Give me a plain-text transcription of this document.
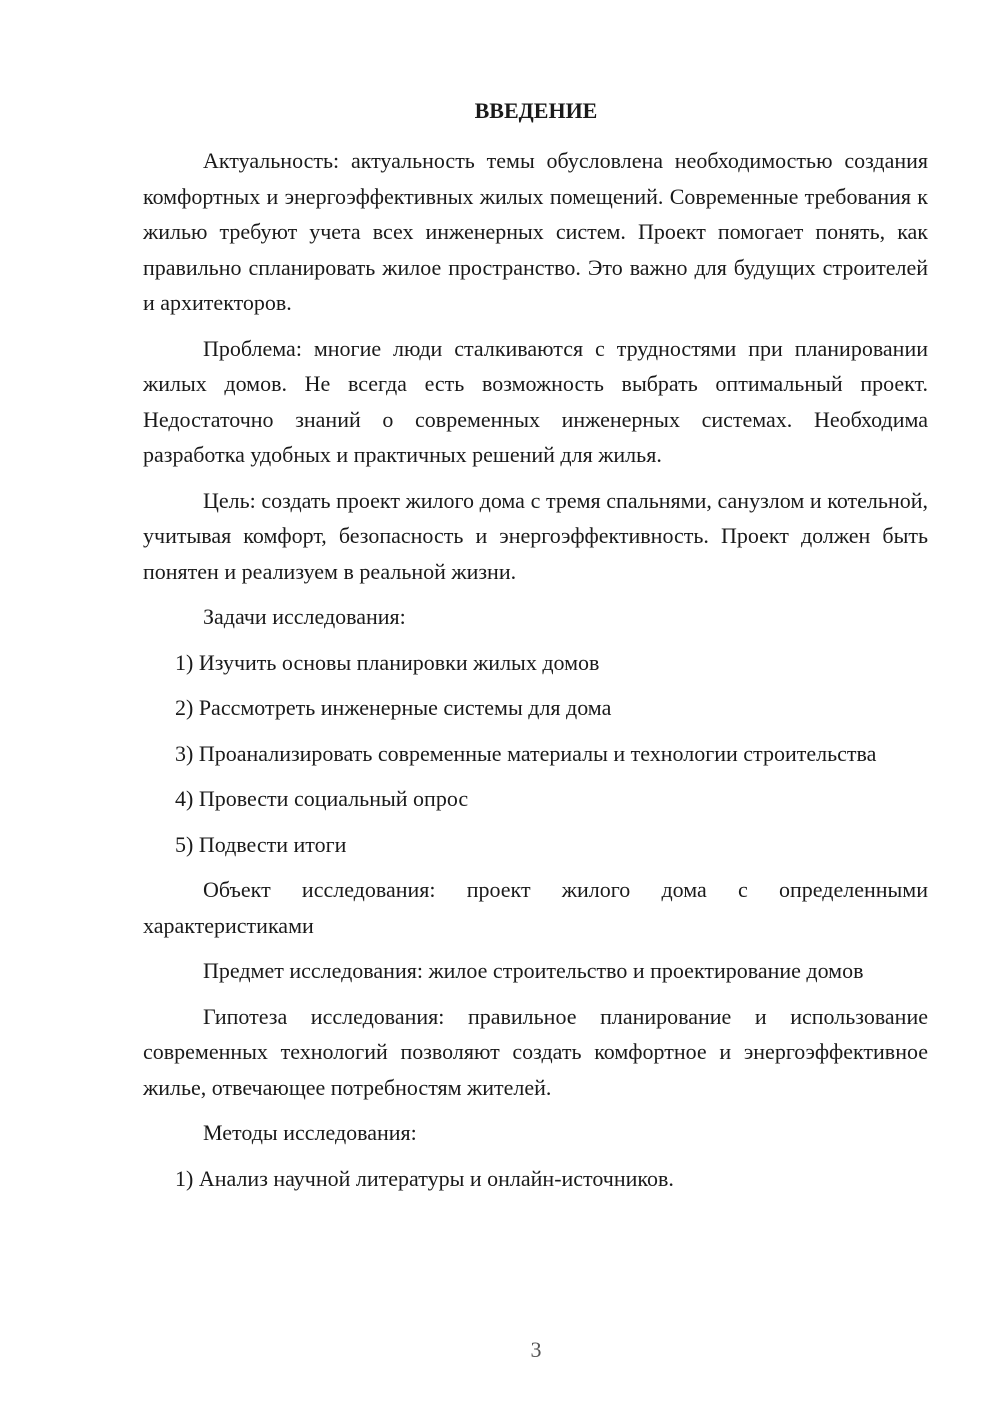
ВВЕДЕНИЕ

Актуальность: актуальность темы обусловлена необходимостью создания комфортных и энергоэффективных жилых помещений. Современные требования к жилью требуют учета всех инженерных систем. Проект помогает понять, как правильно спланировать жилое пространство. Это важно для будущих строителей и архитекторов.

Проблема: многие люди сталкиваются с трудностями при планировании жилых домов. Не всегда есть возможность выбрать оптимальный проект. Недостаточно знаний о современных инженерных системах. Необходима разработка удобных и практичных решений для жилья.

Цель: создать проект жилого дома с тремя спальнями, санузлом и котельной, учитывая комфорт, безопасность и энергоэффективность. Проект должен быть понятен и реализуем в реальной жизни.

Задачи исследования:

1) Изучить основы планировки жилых домов

2) Рассмотреть инженерные системы для дома

3) Проанализировать современные материалы и технологии строительства

4) Провести социальный опрос

5) Подвести итоги

Объект исследования: проект жилого дома с определенными характеристиками

Предмет исследования: жилое строительство и проектирование домов

Гипотеза исследования: правильное планирование и использование современных технологий позволяют создать комфортное и энергоэффективное жилье, отвечающее потребностям жителей.

Методы исследования:

1) Анализ научной литературы и онлайн-источников.

3
